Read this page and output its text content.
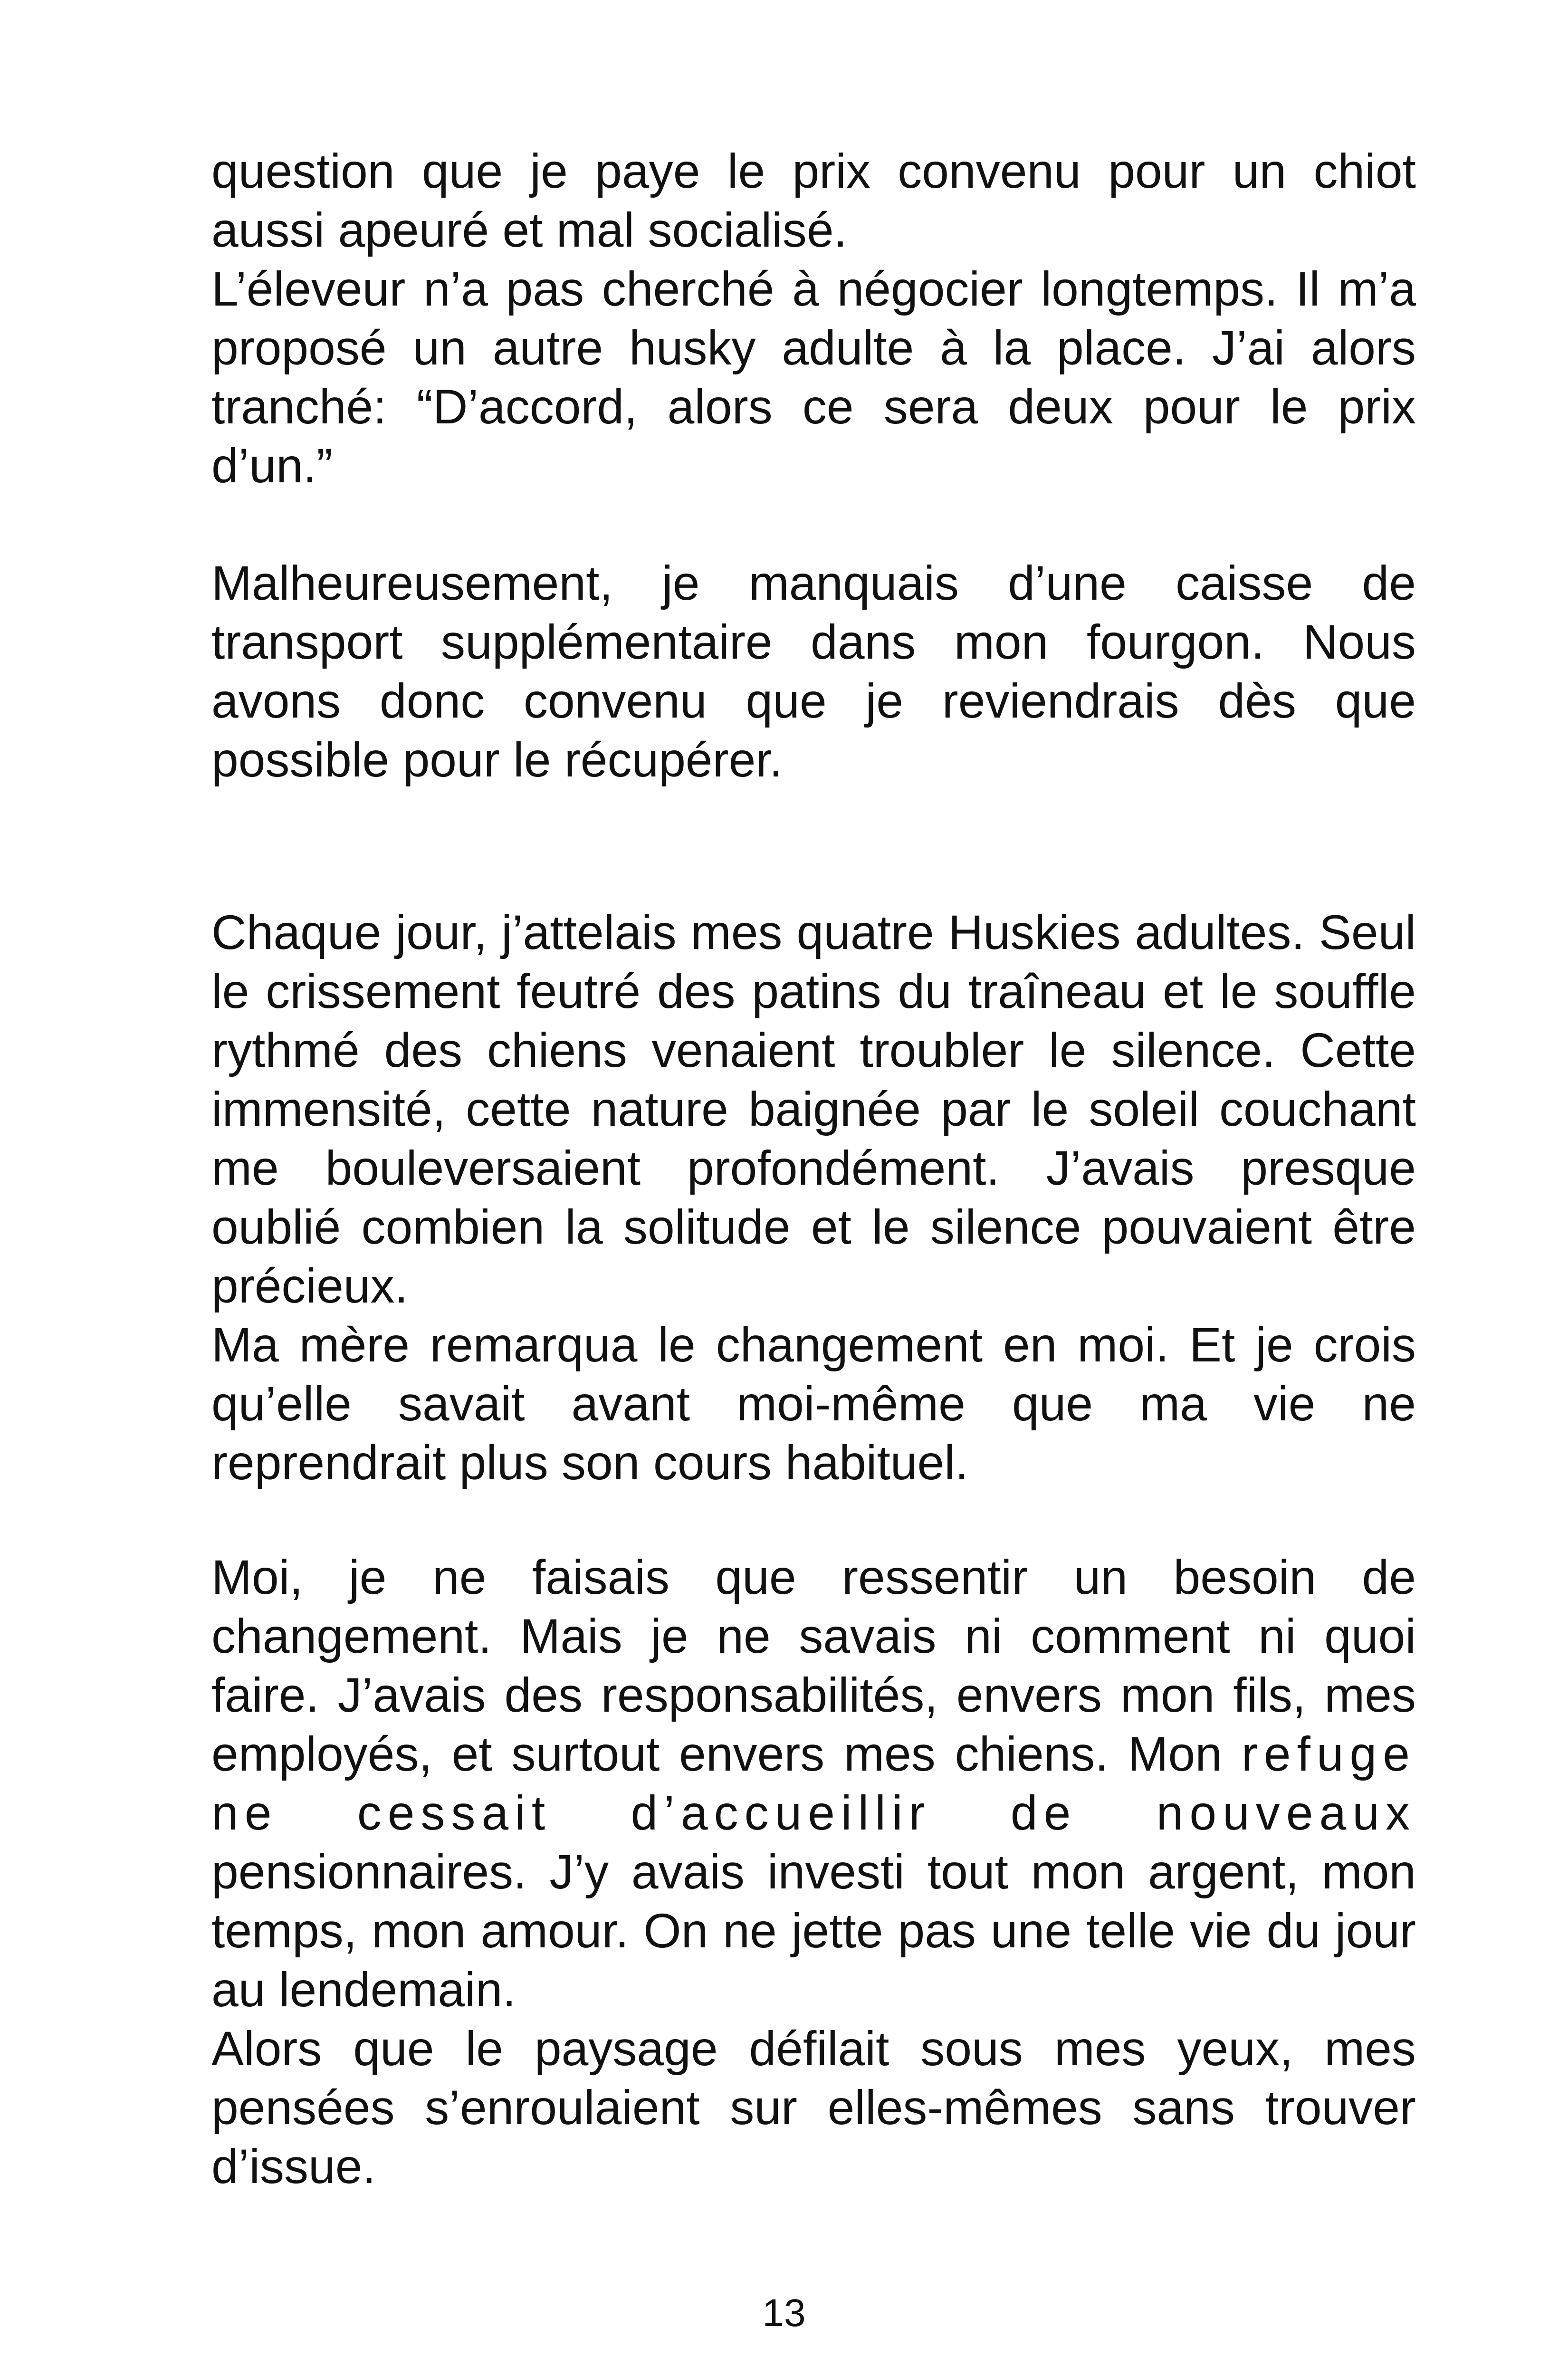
question que je paye le prix convenu pour un chiot aussi apeuré et mal socialisé.

L’éleveur n’a pas cherché à négocier longtemps. Il m’a proposé un autre husky adulte à la place. J’ai alors tranché: “D’accord, alors ce sera deux pour le prix d’un.”

Malheureusement, je manquais d’une caisse de transport supplémentaire dans mon fourgon. Nous avons donc convenu que je reviendrais dès que possible pour le récupérer.

Chaque jour, j’attelais mes quatre Huskies adultes. Seul le crissement feutré des patins du traîneau et le souffle rythmé des chiens venaient troubler le silence. Cette immensité, cette nature baignée par le soleil couchant me bouleversaient profondément. J’avais presque oublié combien la solitude et le silence pouvaient être précieux.

Ma mère remarqua le changement en moi. Et je crois qu’elle savait avant moi-même que ma vie ne reprendrait plus son cours habituel.

Moi, je ne faisais que ressentir un besoin de changement. Mais je ne savais ni comment ni quoi faire. J’avais des responsabilités, envers mon fils, mes employés, et surtout envers mes chiens. Mon refuge ne cessait d’accueillir de nouveaux pensionnaires. J’y avais investi tout mon argent, mon temps, mon amour. On ne jette pas une telle vie du jour au lendemain.

Alors que le paysage défilait sous mes yeux, mes pensées s’enroulaient sur elles-mêmes sans trouver d’issue.

13
